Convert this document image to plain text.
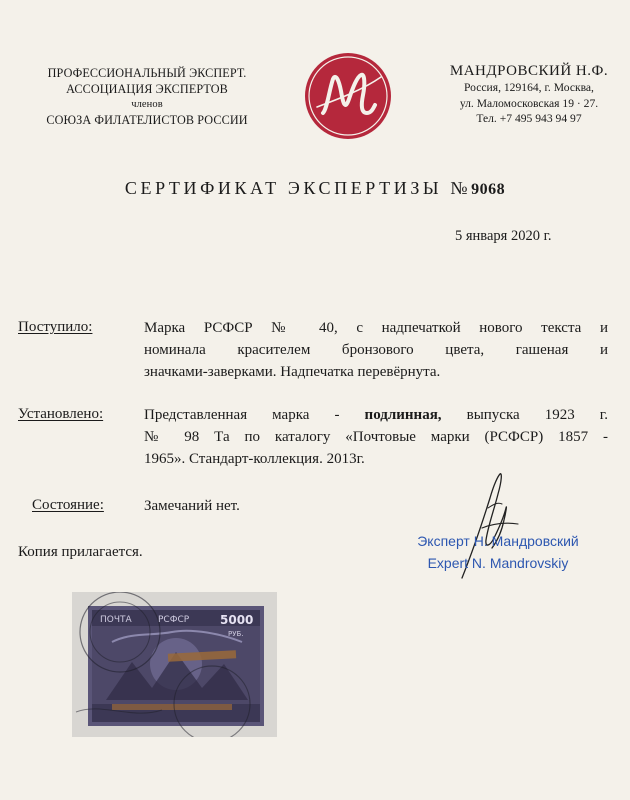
ПРОФЕССИОНАЛЬНЫЙ ЭКСПЕРТ.
АССОЦИАЦИЯ ЭКСПЕРТОВ
членов
СОЮЗА ФИЛАТЕЛИСТОВ РОССИИ
МАНДРОВСКИЙ Н.Ф.
Россия, 129164, г. Москва,
ул. Маломосковская 19 · 27.
Тел. +7 495 943 94 97
СЕРТИФИКАТ ЭКСПЕРТИЗЫ №9068
5 января 2020 г.
Поступило:	Марка РСФСР № 40, с надпечаткой нового текста и
номинала красителем бронзового цвета, гашеная и
значками-заверками. Надпечатка перевёрнута.
Установлено:	Представленная марка - подлинная, выпуска 1923 г.
№ 98 Та по каталогу «Почтовые марки (РСФСР) 1857 -
1965». Стандарт-коллекция. 2013г.
Состояние:	Замечаний нет.
Копия прилагается.
Эксперт Н. Мандровский
Expert N. Mandrovskiy
ПОЧТА	РСФСР	5000
РУБ.
